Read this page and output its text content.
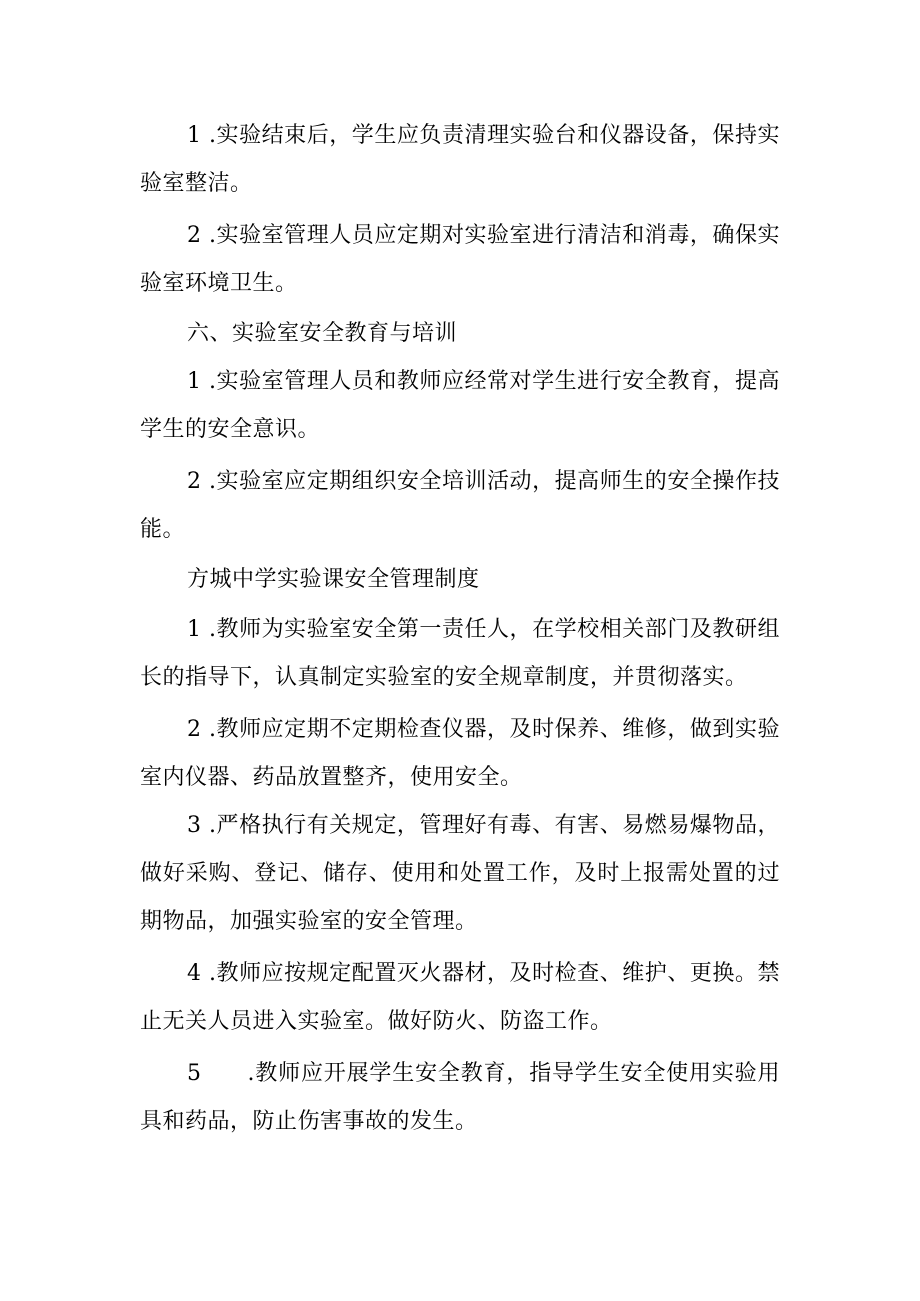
1 .实验结束后，学生应负责清理实验台和仪器设备，保持实验室整洁。

2 .实验室管理人员应定期对实验室进行清洁和消毒，确保实验室环境卫生。

六、实验室安全教育与培训

1 .实验室管理人员和教师应经常对学生进行安全教育，提高学生的安全意识。

2 .实验室应定期组织安全培训活动，提高师生的安全操作技能。

方城中学实验课安全管理制度

1 .教师为实验室安全第一责任人，在学校相关部门及教研组长的指导下，认真制定实验室的安全规章制度，并贯彻落实。

2 .教师应定期不定期检查仪器，及时保养、维修，做到实验室内仪器、药品放置整齐，使用安全。

3 .严格执行有关规定，管理好有毒、有害、易燃易爆物品，做好采购、登记、储存、使用和处置工作，及时上报需处置的过期物品，加强实验室的安全管理。

4 .教师应按规定配置灭火器材，及时检查、维护、更换。禁止无关人员进入实验室。做好防火、防盗工作。

5　　.教师应开展学生安全教育，指导学生安全使用实验用具和药品，防止伤害事故的发生。
